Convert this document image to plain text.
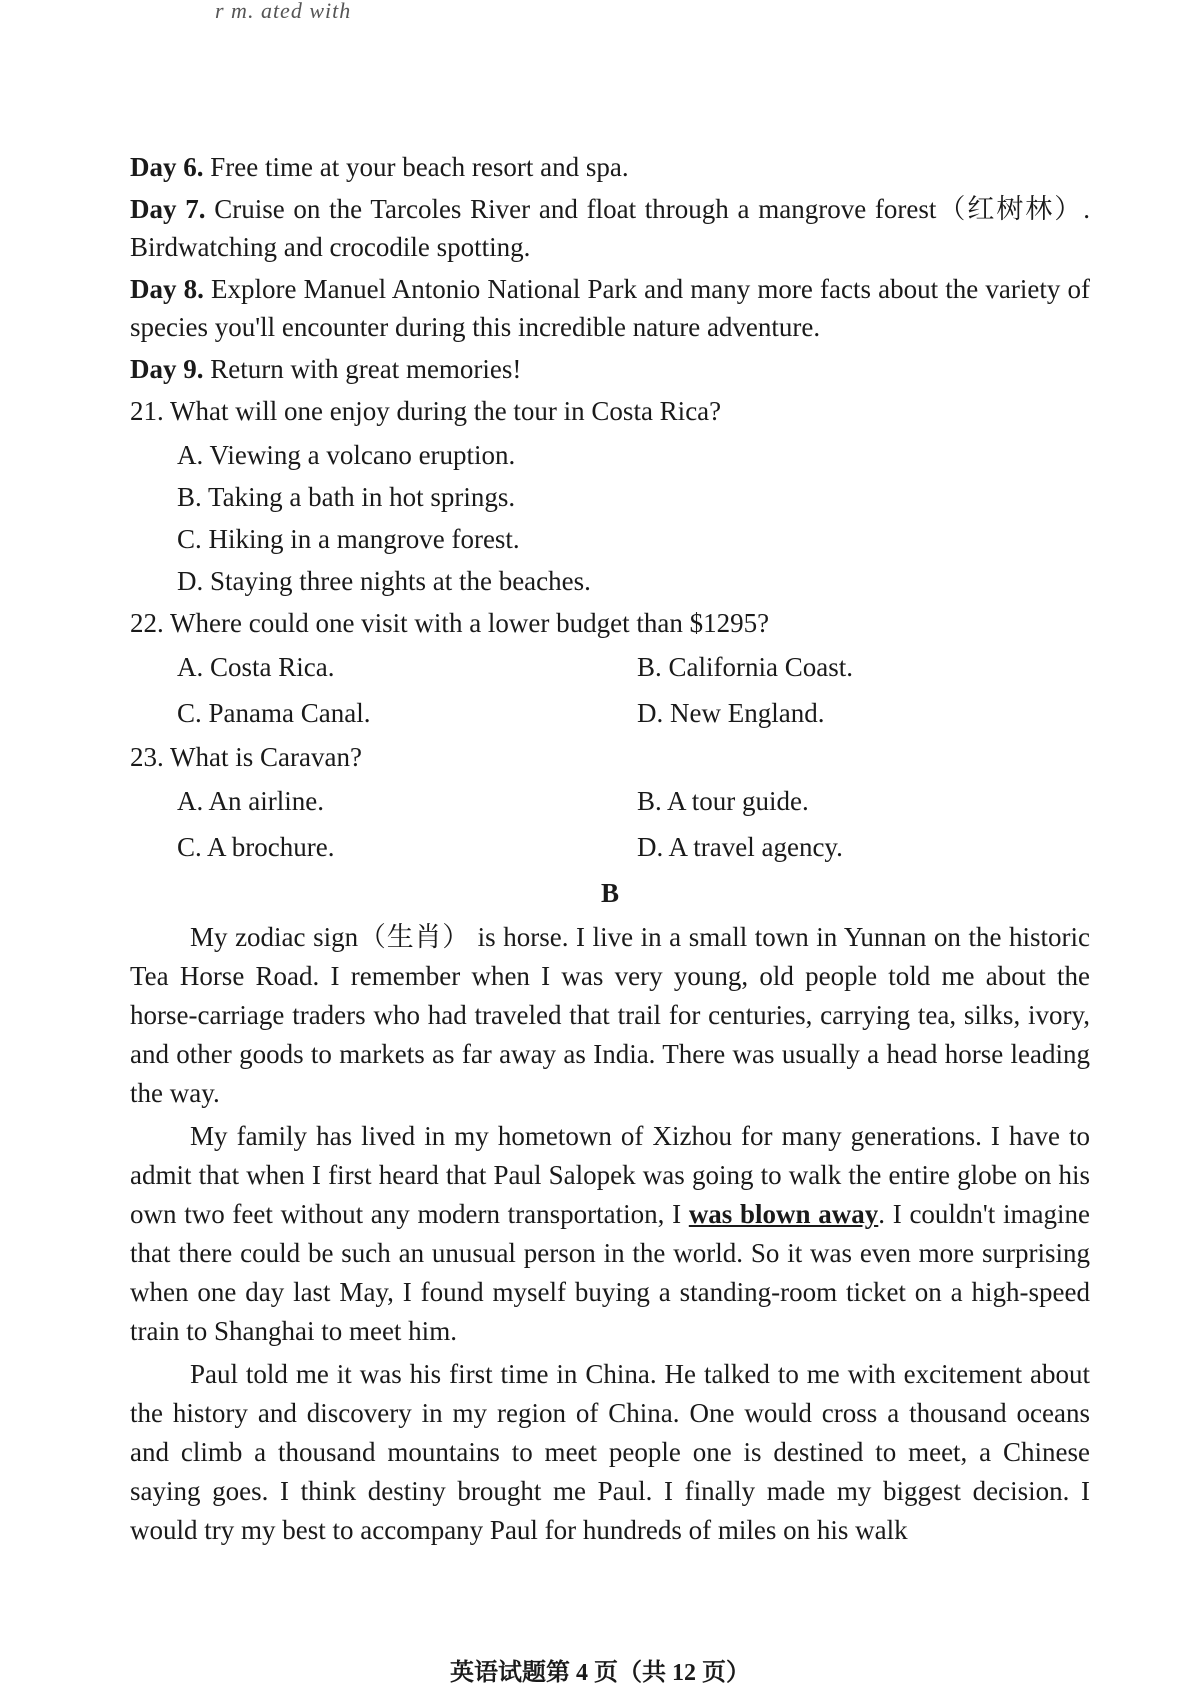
r m. ated with

Day 6. Free time at your beach resort and spa.

Day 7. Cruise on the Tarcoles River and float through a mangrove forest（红树林）. Birdwatching and crocodile spotting.

Day 8. Explore Manuel Antonio National Park and many more facts about the variety of species you'll encounter during this incredible nature adventure.

Day 9. Return with great memories!

21. What will one enjoy during the tour in Costa Rica?
A. Viewing a volcano eruption.
B. Taking a bath in hot springs.
C. Hiking in a mangrove forest.
D. Staying three nights at the beaches.
22. Where could one visit with a lower budget than $1295?
A. Costa Rica.	B. California Coast.
C. Panama Canal.	D. New England.
23. What is Caravan?
A. An airline.	B. A tour guide.
C. A brochure.	D. A travel agency.
B

My zodiac sign（生肖） is horse. I live in a small town in Yunnan on the historic Tea Horse Road. I remember when I was very young, old people told me about the horse-carriage traders who had traveled that trail for centuries, carrying tea, silks, ivory, and other goods to markets as far away as India. There was usually a head horse leading the way.

My family has lived in my hometown of Xizhou for many generations. I have to admit that when I first heard that Paul Salopek was going to walk the entire globe on his own two feet without any modern transportation, I was blown away. I couldn't imagine that there could be such an unusual person in the world. So it was even more surprising when one day last May, I found myself buying a standing-room ticket on a high-speed train to Shanghai to meet him.

Paul told me it was his first time in China. He talked to me with excitement about the history and discovery in my region of China. One would cross a thousand oceans and climb a thousand mountains to meet people one is destined to meet, a Chinese saying goes. I think destiny brought me Paul. I finally made my biggest decision. I would try my best to accompany Paul for hundreds of miles on his walk

英语试题第 4 页（共 12 页）
